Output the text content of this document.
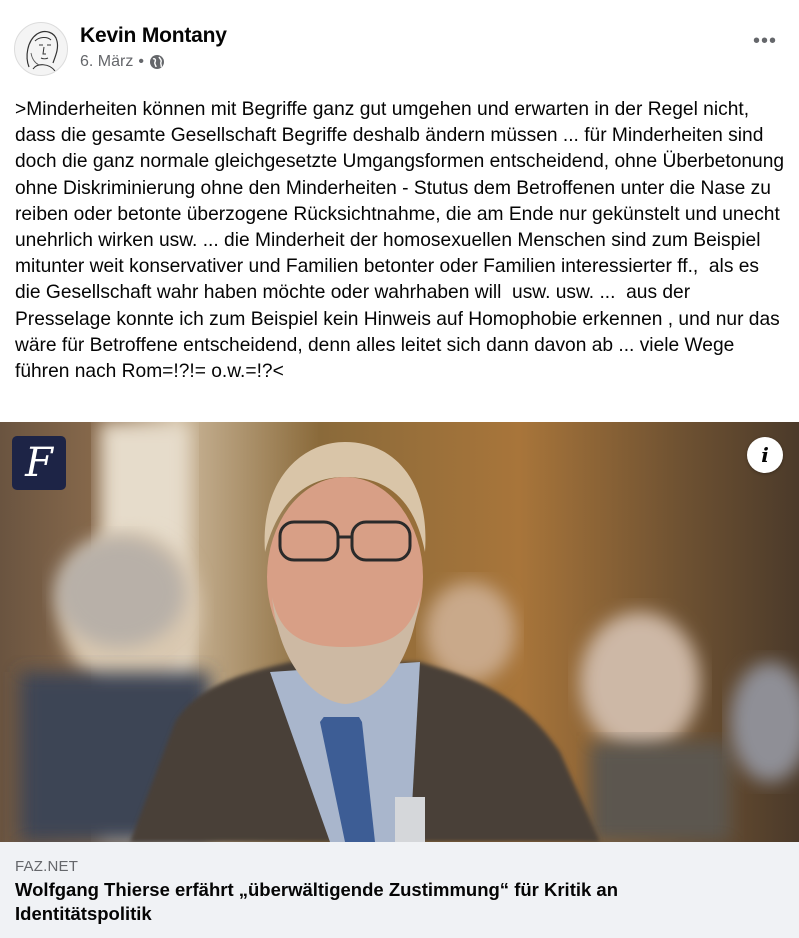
Kevin Montany
6. März •
•••

>Minderheiten können mit Begriffe ganz gut umgehen und erwarten in der Regel nicht, dass die gesamte Gesellschaft Begriffe deshalb ändern müssen ... für Minderheiten sind doch die ganz normale gleichgesetzte Umgangsformen entscheidend, ohne Überbetonung ohne Diskriminierung ohne den Minderheiten - Stutus dem Betroffenen unter die Nase zu reiben oder betonte überzogene Rücksichtnahme, die am Ende nur gekünstelt und unecht unehrlich wirken usw. ... die Minderheit der homosexuellen Menschen sind zum Beispiel mitunter weit konservativer und Familien betonter oder Familien interessierter ff.,  als es die Gesellschaft wahr haben möchte oder wahrhaben will  usw. usw. ...  aus der Presselage konnte ich zum Beispiel kein Hinweis auf Homophobie erkennen , und nur das wäre für Betroffene entscheidend, denn alles leitet sich dann davon ab ... viele Wege führen nach Rom=!?!= o.w.=!?<

F	i
FAZ.NET
Wolfgang Thierse erfährt „überwältigende Zustimmung“ für Kritik an Identitätspolitik
